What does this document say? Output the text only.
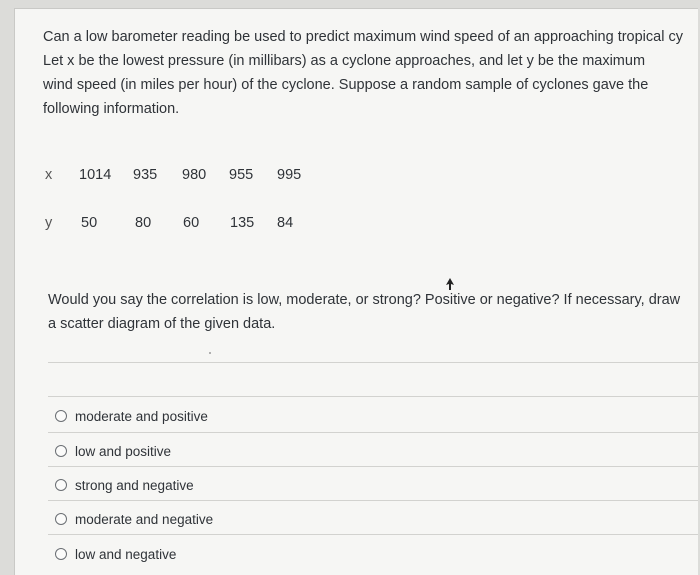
Can a low barometer reading be used to predict maximum wind speed of an approaching tropical cy
Let x be the lowest pressure (in millibars) as a cyclone approaches, and let y be the maximum
wind speed (in miles per hour) of the cyclone. Suppose a random sample of cyclones gave the
following information.
x 1014 935 980 955 995
y 50	80 60 135 84
Would you say the correlation is low, moderate, or strong? Positive or negative? If necessary, draw
a scatter diagram of the given data.
moderate and positive
low and positive
strong and negative
moderate and negative
low and negative
